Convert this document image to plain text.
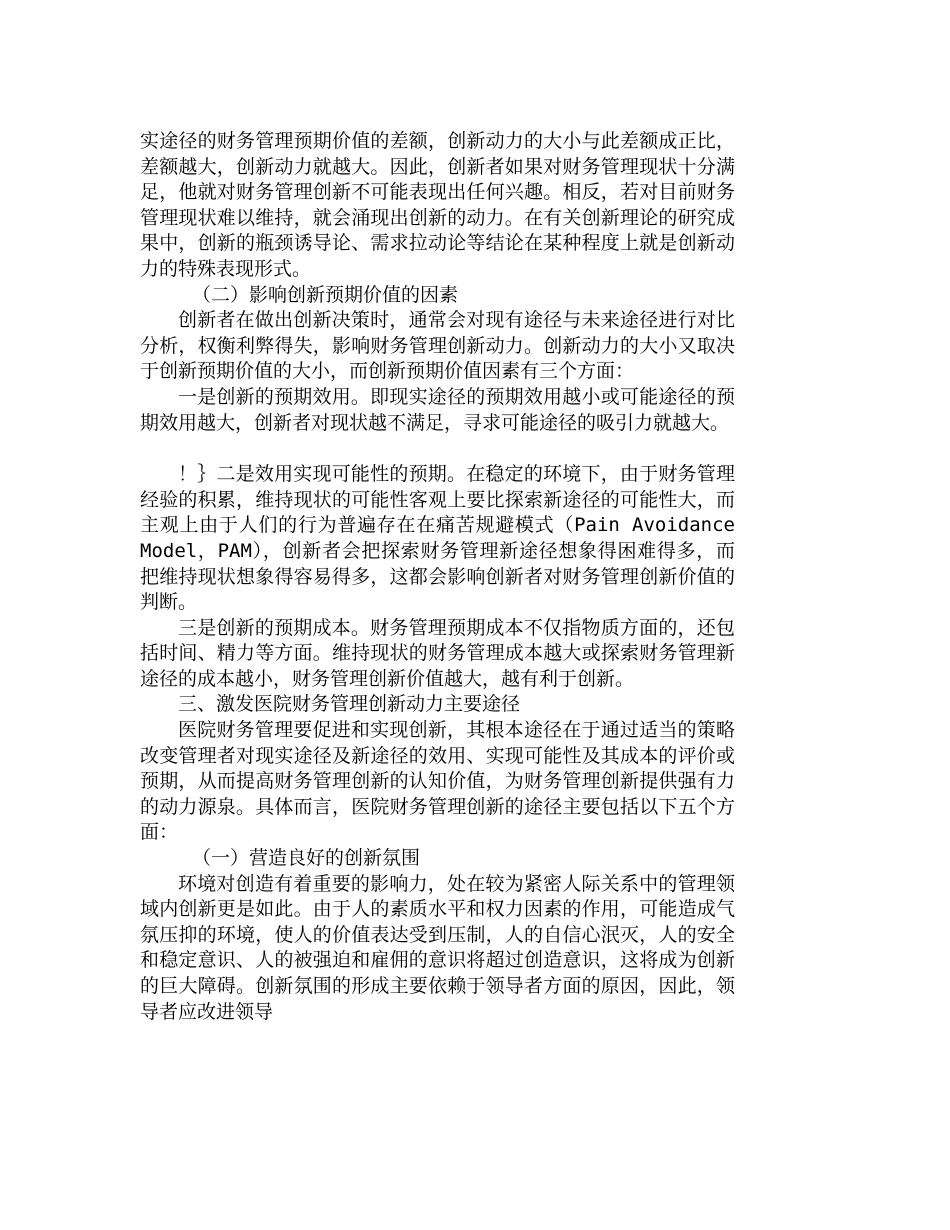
实途径的财务管理预期价值的差额，创新动力的大小与此差额成正比，差额越大，创新动力就越大。因此，创新者如果对财务管理现状十分满足，他就对财务管理创新不可能表现出任何兴趣。相反，若对目前财务管理现状难以维持，就会涌现出创新的动力。在有关创新理论的研究成果中，创新的瓶颈诱导论、需求拉动论等结论在某种程度上就是创新动力的特殊表现形式。

（二）影响创新预期价值的因素

创新者在做出创新决策时，通常会对现有途径与未来途径进行对比分析，权衡利弊得失，影响财务管理创新动力。创新动力的大小又取决于创新预期价值的大小，而创新预期价值因素有三个方面：

一是创新的预期效用。即现实途径的预期效用越小或可能途径的预期效用越大，创新者对现状越不满足，寻求可能途径的吸引力就越大。

！｝二是效用实现可能性的预期。在稳定的环境下，由于财务管理经验的积累，维持现状的可能性客观上要比探索新途径的可能性大，而主观上由于人们的行为普遍存在在痛苦规避模式（Pain Avoidance Model，PAM），创新者会把探索财务管理新途径想象得困难得多，而把维持现状想象得容易得多，这都会影响创新者对财务管理创新价值的判断。

三是创新的预期成本。财务管理预期成本不仅指物质方面的，还包括时间、精力等方面。维持现状的财务管理成本越大或探索财务管理新途径的成本越小，财务管理创新价值越大，越有利于创新。

三、激发医院财务管理创新动力主要途径

医院财务管理要促进和实现创新，其根本途径在于通过适当的策略改变管理者对现实途径及新途径的效用、实现可能性及其成本的评价或预期，从而提高财务管理创新的认知价值，为财务管理创新提供强有力的动力源泉。具体而言，医院财务管理创新的途径主要包括以下五个方面：

（一）营造良好的创新氛围

环境对创造有着重要的影响力，处在较为紧密人际关系中的管理领域内创新更是如此。由于人的素质水平和权力因素的作用，可能造成气氛压抑的环境，使人的价值表达受到压制，人的自信心泯灭，人的安全和稳定意识、人的被强迫和雇佣的意识将超过创造意识，这将成为创新的巨大障碍。创新氛围的形成主要依赖于领导者方面的原因，因此，领导者应改进领导
